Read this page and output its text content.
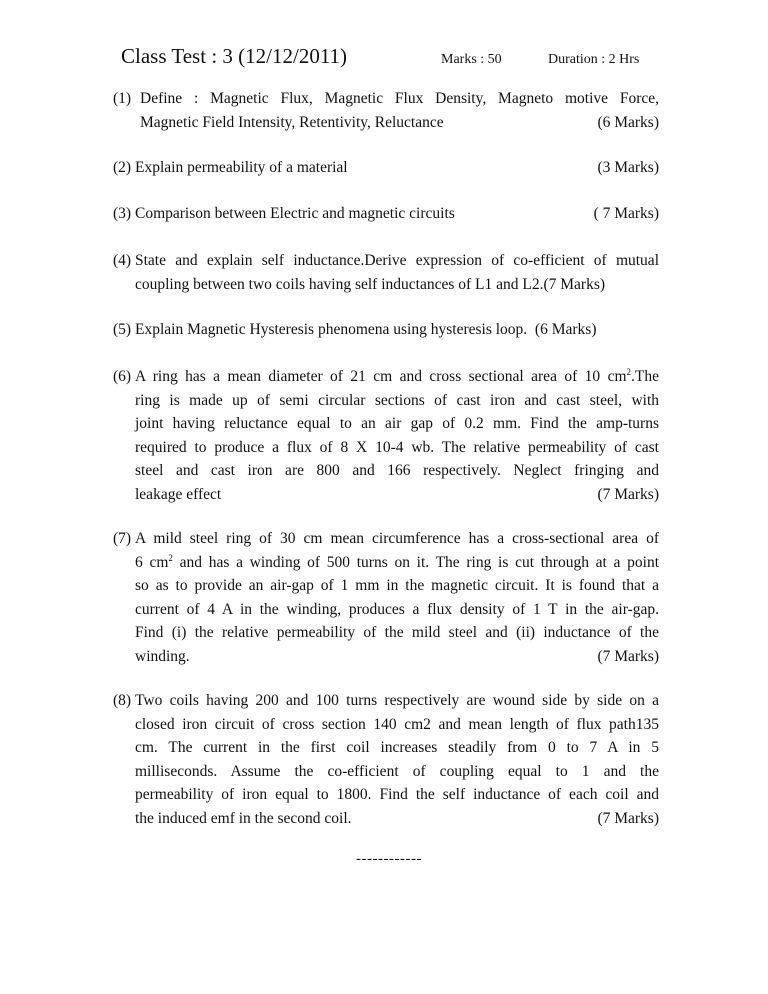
Class Test : 3 (12/12/2011)	Marks : 50	Duration : 2 Hrs
(1) Define : Magnetic Flux, Magnetic Flux Density, Magneto motive Force,
Magnetic Field Intensity, Retentivity, Reluctance	(6 Marks)
(2) Explain permeability of a material	(3 Marks)
(3) Comparison between Electric and magnetic circuits	( 7 Marks)
(4) State and explain self inductance.Derive expression of co-efficient of mutual
coupling between two coils having self inductances of L1 and L2.(7 Marks)
(5) Explain Magnetic Hysteresis phenomena using hysteresis loop. (6 Marks)
(6) A ring has a mean diameter of 21 cm and cross sectional area of 10 $cm^2.The$
ring is made up of semi circular sections of cast iron and cast steel, with
joint having reluctance equal to an air gap of 0.2 mm. Find the amp-turns
required to produce a flux of 8 X 10-4 wb. The relative permeability of cast
steel and cast iron are 800 and 166 respectively. Neglect fringing and
leakage effect	(7 Marks)
(7) A mild steel ring of 30 cm mean circumference has a cross-sectional area of
6 $cm^2$ and has a winding of 500 turns on it. The ring is cut through at a point
so as to provide an air-gap of 1 mm in the magnetic circuit. It is found that a
current of 4 A in the winding, produces a flux density of 1 T in the air-gap.
Find (i) the relative permeability of the mild steel and (ii) inductance of the
winding.	(7 Marks)
(8) Two coils having 200 and 100 turns respectively are wound side by side on a
closed iron circuit of cross section 140 cm2 and mean length of flux path135
cm. The current in the first coil increases steadily from 0 to 7 A in 5
milliseconds. Assume the co-efficient of coupling equal to 1 and the
permeability of iron equal to 1800. Find the self inductance of each coil and
the induced emf in the second coil.	(7 Marks)
------------
